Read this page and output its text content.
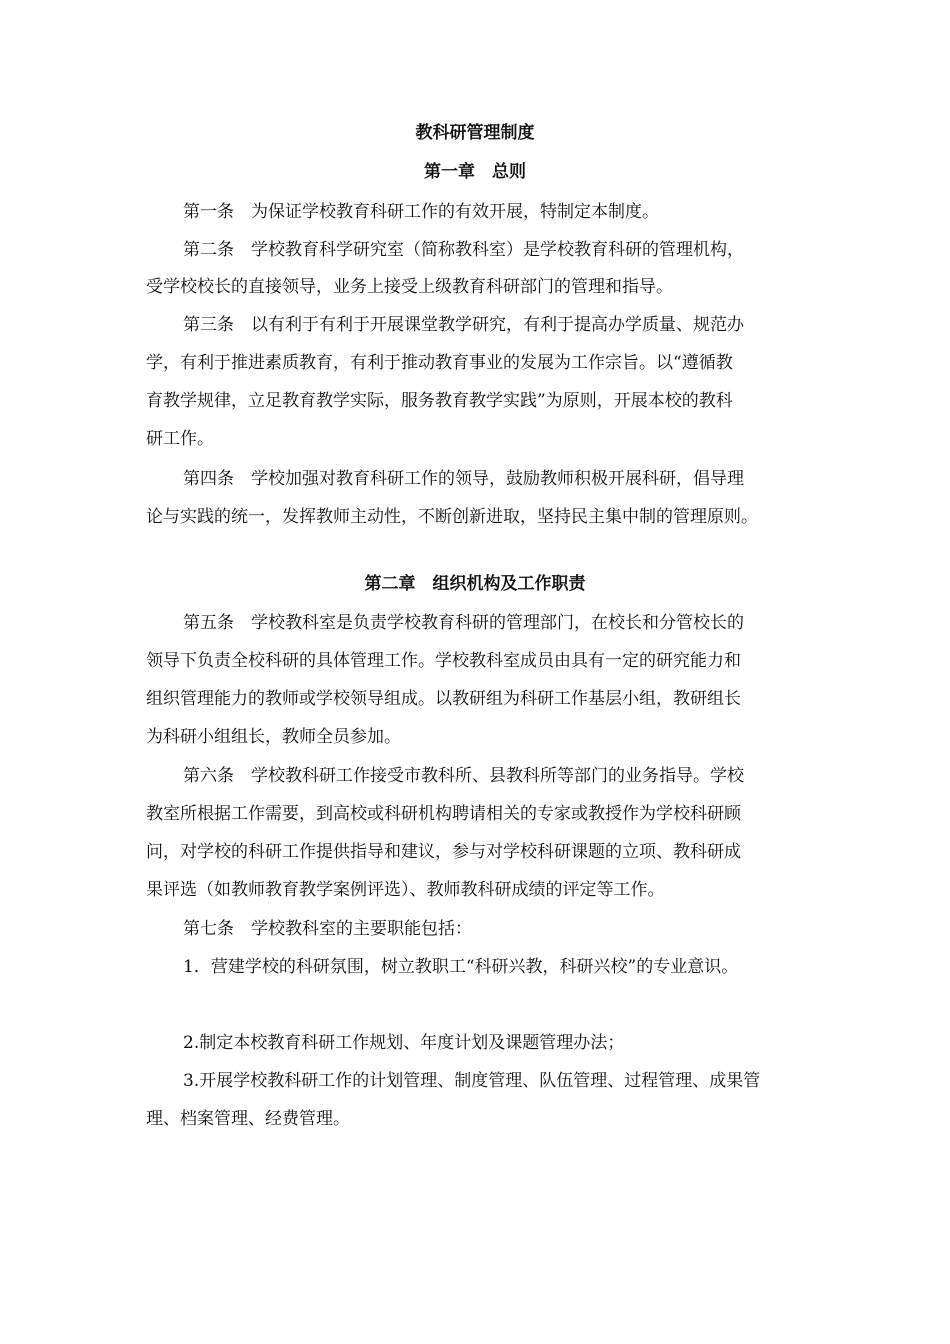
教科研管理制度
第一章　总则
第一条　为保证学校教育科研工作的有效开展，特制定本制度。
第二条　学校教育科学研究室（简称教科室）是学校教育科研的管理机构，
受学校校长的直接领导，业务上接受上级教育科研部门的管理和指导。
第三条　以有利于有利于开展课堂教学研究，有利于提高办学质量、规范办
学，有利于推进素质教育，有利于推动教育事业的发展为工作宗旨。以“遵循教
育教学规律，立足教育教学实际，服务教育教学实践”为原则，开展本校的教科
研工作。
第四条　学校加强对教育科研工作的领导，鼓励教师积极开展科研，倡导理
论与实践的统一，发挥教师主动性，不断创新进取，坚持民主集中制的管理原则。
第二章　组织机构及工作职责
第五条　学校教科室是负责学校教育科研的管理部门，在校长和分管校长的
领导下负责全校科研的具体管理工作。学校教科室成员由具有一定的研究能力和
组织管理能力的教师或学校领导组成。以教研组为科研工作基层小组，教研组长
为科研小组组长，教师全员参加。
第六条　学校教科研工作接受市教科所、县教科所等部门的业务指导。学校
教室所根据工作需要，到高校或科研机构聘请相关的专家或教授作为学校科研顾
问，对学校的科研工作提供指导和建议，参与对学校科研课题的立项、教科研成
果评选（如教师教育教学案例评选）、教师教科研成绩的评定等工作。
第七条　学校教科室的主要职能包括：
1．营建学校的科研氛围，树立教职工“科研兴教，科研兴校”的专业意识。
2.制定本校教育科研工作规划、年度计划及课题管理办法；
3.开展学校教科研工作的计划管理、制度管理、队伍管理、过程管理、成果管
理、档案管理、经费管理。
